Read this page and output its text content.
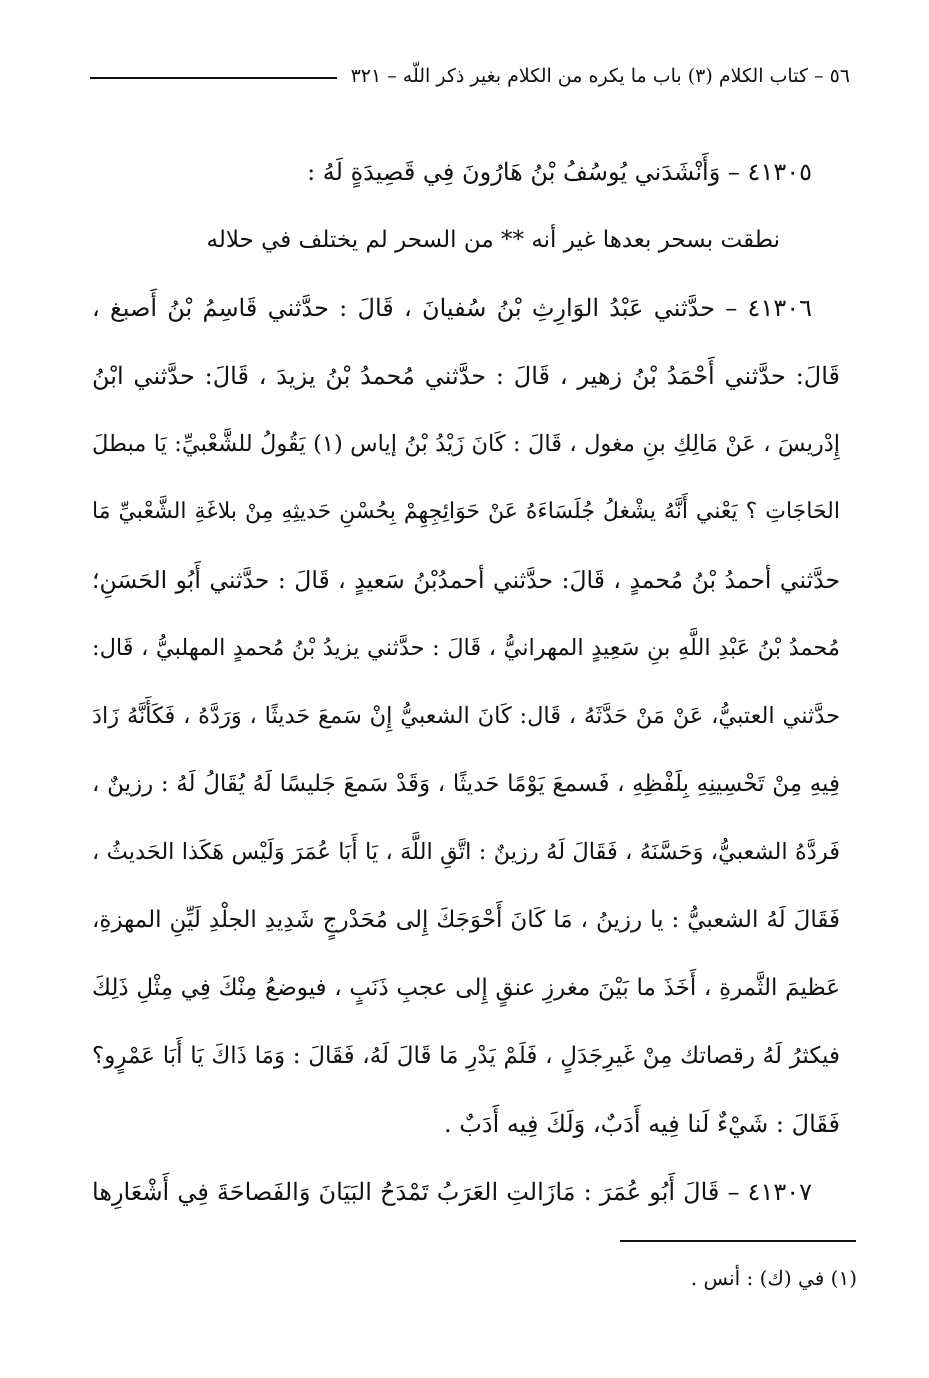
٥٦ – كتاب الكلام (٣) باب ما يكره من الكلام بغير ذكر اللّه – ٣٢١
٤١٣٠٥ – وَأَنْشَدَني يُوسُفُ بْنُ هَارُونَ فِي قَصِيدَةٍ لَهُ :
نطقت بسحر بعدها غير أنه ** من السحر لم يختلف في حلاله
٤١٣٠٦ – حدَّثني عَبْدُ الوَارِثِ بْنُ سُفيانَ ، قَالَ : حدَّثني قَاسِمُ بْنُ أَصبغ ،
قَالَ: حدَّثني أَحْمَدُ بْنُ زهير ، قَالَ : حدَّثني مُحمدُ بْنُ يزيدَ ، قَالَ: حدَّثني ابْنُ
إِدْريسَ ، عَنْ مَالِكِ بنِ مغول ، قَالَ : كَانَ زَيْدُ بْنُ إياس (١) يَقُولُ للشَّعْبيِّ: يَا مبطلَ
الحَاجَاتِ ؟ يَعْني أَنَّهُ يشْغلُ جُلَسَاءَهُ عَنْ حَوَائِجِهِمْ بِحُسْنِ حَديثِهِ مِنْ بلاغَةِ الشَّعْبيِّ مَا
حدَّثني أحمدُ بْنُ مُحمدٍ ، قَالَ: حدَّثني أحمدُبْنُ سَعيدٍ ، قَالَ : حدَّثني أَبُو الحَسَنِ؛
مُحمدُ بْنُ عَبْدِ اللَّهِ بنِ سَعِيدٍ المهرانيُّ ، قَالَ : حدَّثني يزيدُ بْنُ مُحمدٍ المهلبيُّ ، قَال:
حدَّثني العتبيُّ، عَنْ مَنْ حَدَّثَهُ ، قَال: كَانَ الشعبيُّ إِنْ سَمعَ حَديثًا ، وَرَدَّهُ ، فَكَأَنَّهُ زَادَ
فِيهِ مِنْ تَحْسِينِهِ بِلَفْظِهِ ، فَسمعَ يَوْمًا حَديثًا ، وَقَدْ سَمعَ جَليسًا لَهُ يُقَالُ لَهُ : رزينٌ ،
فَردَّهُ الشعبيُّ، وَحَسَّنَهُ ، فَقَالَ لَهُ رزينٌ : اتَّقِ اللَّهَ ، يَا أَبَا عُمَرَ وَلَيْس هَكَذا الحَديثُ ،
فَقَالَ لَهُ الشعبيُّ : يا رزينُ ، مَا كَانَ أَحْوَجَكَ إِلى مُحَدْرجٍ شَدِيدِ الجلْدِ لَيِّنِ المهزةِ،
عَظيمَ الثَّمرةِ ، أَخَذَ ما بَيْنَ مغرزِ عنقٍ إِلى عجبِ ذَنَبٍ ، فيوضعُ مِنْكَ فِي مِثْلِ ذَلِكَ
فيكثرُ لَهُ رقصاتك مِنْ غَيرِجَدَلٍ ، فَلَمْ يَدْرِ مَا قَالَ لَهُ، فَقَالَ : وَمَا ذَاكَ يَا أَبَا عَمْرٍو؟
فَقَالَ : شَيْءٌ لَنا فِيه أَدَبٌ، وَلَكَ فِيه أَدَبٌ .
٤١٣٠٧ – قَالَ أَبُو عُمَرَ : مَازَالتِ العَرَبُ تَمْدَحُ البَيَانَ وَالفَصاحَةَ فِي أَشْعَارِها
(١) في (ك) : أنس .
